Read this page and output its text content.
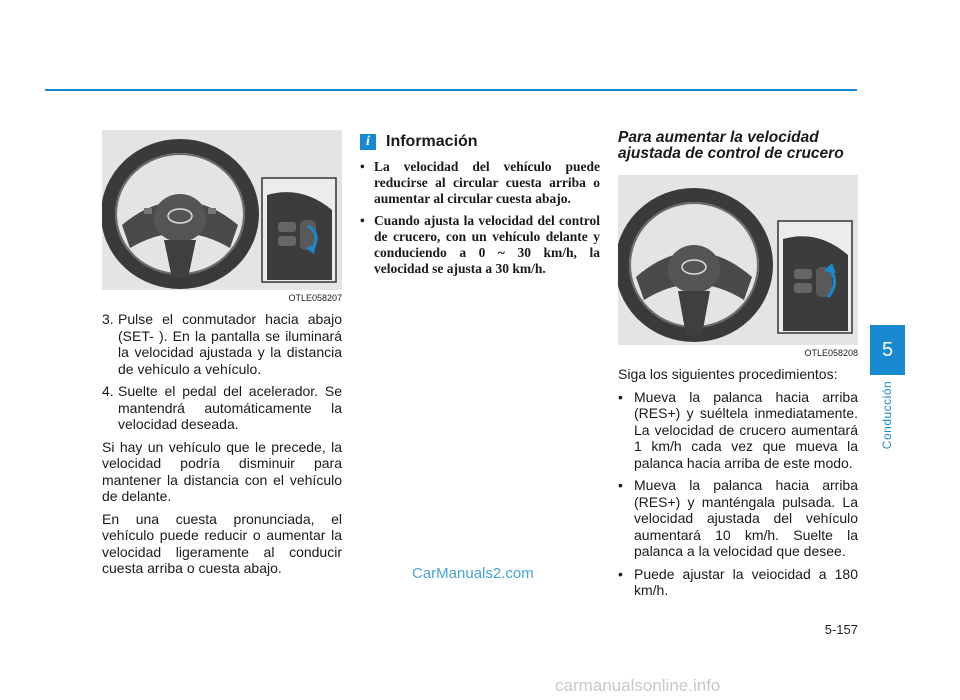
OTLE058207
3. Pulse el conmutador hacia abajo (SET- ). En la pantalla se iluminará la velocidad ajustada y la distancia de vehículo a vehículo.
4. Suelte el pedal del acelerador. Se mantendrá automáticamente la velocidad deseada.

Si hay un vehículo que le precede, la velocidad podría disminuir para mantener la distancia con el vehículo de delante.

En una cuesta pronunciada, el vehículo puede reducir o aumentar la velocidad ligeramente al conducir cuesta arriba o cuesta abajo.

i	Información
• La velocidad del vehículo puede reducirse al circular cuesta arriba o aumentar al circular cuesta abajo.
• Cuando ajusta la velocidad del control de crucero, con un vehículo delante y conduciendo a 0 ~ 30 km/h, la velocidad se ajusta a 30 km/h.
Para aumentar la velocidad ajustada de control de crucero
OTLE058208

Siga los siguientes procedimientos:

• Mueva la palanca hacia arriba (RES+) y suéltela inmediatamente. La velocidad de crucero aumentará 1 km/h cada vez que mueva la palanca hacia arriba de este modo.
• Mueva la palanca hacia arriba (RES+) y manténgala pulsada. La velocidad ajustada del vehículo aumentará 10 km/h. Suelte la palanca a la velocidad que desee.
• Puede ajustar la veiocidad a 180 km/h.
5
Conducción
5-157
CarManuals2.com
carmanualsonline.info
